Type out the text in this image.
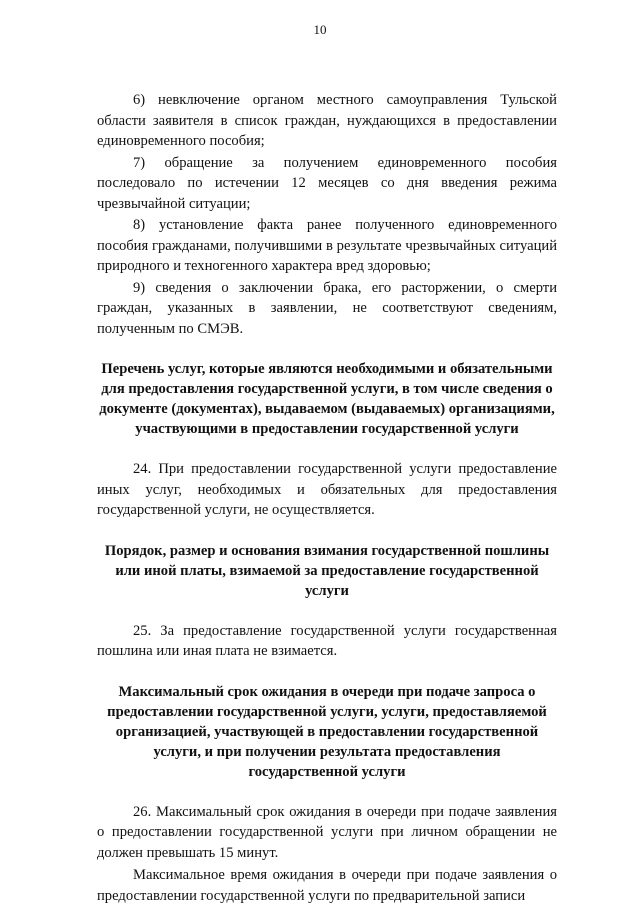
10

6) невключение органом местного самоуправления Тульской области заявителя в список граждан, нуждающихся в предоставлении единовременного пособия;

7) обращение за получением единовременного пособия последовало по истечении 12 месяцев со дня введения режима чрезвычайной ситуации;

8) установление факта ранее полученного единовременного пособия гражданами, получившими в результате чрезвычайных ситуаций природного и техногенного характера вред здоровью;

9) сведения о заключении брака, его расторжении, о смерти граждан, указанных в заявлении, не соответствуют сведениям, полученным по СМЭВ.

Перечень услуг, которые являются необходимыми и обязательными для предоставления государственной услуги, в том числе сведения о документе (документах), выдаваемом (выдаваемых) организациями, участвующими в предоставлении государственной услуги

24. При предоставлении государственной услуги предоставление иных услуг, необходимых и обязательных для предоставления государственной услуги, не осуществляется.

Порядок, размер и основания взимания государственной пошлины или иной платы, взимаемой за предоставление государственной услуги

25. За предоставление государственной услуги государственная пошлина или иная плата не взимается.

Максимальный срок ожидания в очереди при подаче запроса о предоставлении государственной услуги, услуги, предоставляемой организацией, участвующей в предоставлении государственной услуги, и при получении результата предоставления государственной услуги

26. Максимальный срок ожидания в очереди при подаче заявления о предоставлении государственной услуги при личном обращении не должен превышать 15 минут.

Максимальное время ожидания в очереди при подаче заявления о предоставлении государственной услуги по предварительной записи
